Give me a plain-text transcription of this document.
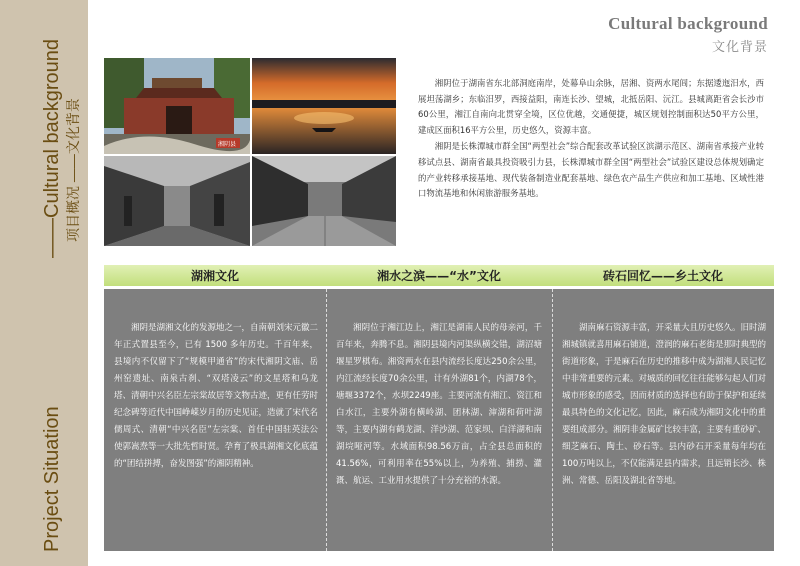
Project Situation
——Cultural background 项目概况 ——文化背景
Cultural background
文化背景
湘阴县

湘阴位于湖南省东北部洞庭南岸，处幕阜山余脉，居湘、资两水尾闾；东据逶迤汨水，西展坦荡湖乡；东临汨罗，西接益阳，南连长沙、望城，北抵岳阳、沅江。县城离距省会长沙市60公里，湘江自南向北贯穿全境，区位优越，交通便捷，城区规划控制面积达50平方公里，建成区面积16平方公里，历史悠久，资源丰富。

湘阴是长株潭城市群全国“两型社会”综合配套改革试验区滨湖示范区、湖南省承接产业转移试点县、湖南省最具投资吸引力县，长株潭城市群全国“两型社会”试验区建设总体规划确定的产业转移承接基地、现代装备制造业配套基地、绿色农产品生产供应和加工基地、区域性港口物流基地和休闲旅游服务基地。

湖湘文化	湘水之滨——“水”文化	砖石回忆——乡土文化

湘阴是湖湘文化的发源地之一，自南朝刘宋元徽二年正式置县至今，已有 1500 多年历史。千百年来，县境内不仅留下了“规模甲通省”的宋代湘阴文庙、岳州窑遗址、南泉古刹、“双塔凌云”的文星塔和乌龙塔、清朝中兴名臣左宗棠故居等文物古迹，更有任劳时纪念碑等近代中国峥嵘岁月的历史见证，造就了宋代名儒周式、清朝“中兴名臣”左宗棠、首任中国驻英法公使郭嵩焘等一大批先哲时贤。孕育了极具湖湘文化底蕴的“团结拼搏，奋发图强”的湘阴精神。

湘阴位于湘江边上，湘江是湖南人民的母亲河，千百年来，奔腾不息。湘阴县境内河渠纵横交错，湖沼塘堰星罗棋布。湘资两水在县内流经长度达250余公里，内江流经长度70余公里，计有外湖81个，内湖78个，塘堰3372个，水坝2249座。主要河流有湘江、资江和白水江，主要外湖有横岭湖、团林湖、渖湖和荷叶湖等，主要内湖有鹤龙湖、洋沙湖、范家坝、白洋湖和南湖垸哑河等。水域面积98.56万亩，占全县总面积的41.56%，可利用率在55%以上，为养殖、捕捞、灌溉、航运、工业用水提供了十分充裕的水源。

湖南麻石资源丰富，开采量大且历史悠久。旧时湖湘城镇就喜用麻石铺道，澄润的麻石老街是那时典型的街道形象，于是麻石在历史的推移中成为湖湘人民记忆中非常重要的元素。对城质的回忆往往能够勾起人们对城市形象的感受，因而材质的选择也有助于保护和延续最具特色的文化记忆，因此，麻石成为湘阴文化中的重要组成部分。湘阴非金属矿比较丰富，主要有重砂矿、细芝麻石、陶土、砂石等。县内砂石开采量每年均在100万吨以上，不仅能满足县内需求，且远销长沙、株洲、常德、岳阳及湖北省等地。
